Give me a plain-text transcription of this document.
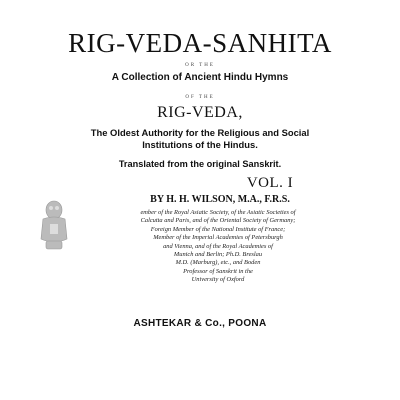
RIG-VEDA-SANHITA
OR THE
A Collection of Ancient Hindu Hymns
OF THE
RIG-VEDA,
The Oldest Authority for the Religious and Social
Institutions of the Hindus.
Translated from the original Sanskrit.
VOL. I
BY H. H. WILSON, M.A., F.R.S.
ember of the Royal Asiatic Society, of the Asiatic Societies of
Calcutta and Paris, and of the Oriental Society of Germany;
Foreign Member of the National Institute of France;
Member of the Imperial Academies of Petersburgh
and Vienna, and of the Royal Academies of
Munich and Berlin; Ph.D. Breslau
M.D. (Marburg), etc., and Boden
Professor of Sanskrit in the
University of Oxford
ASHTEKAR & Co., POONA
